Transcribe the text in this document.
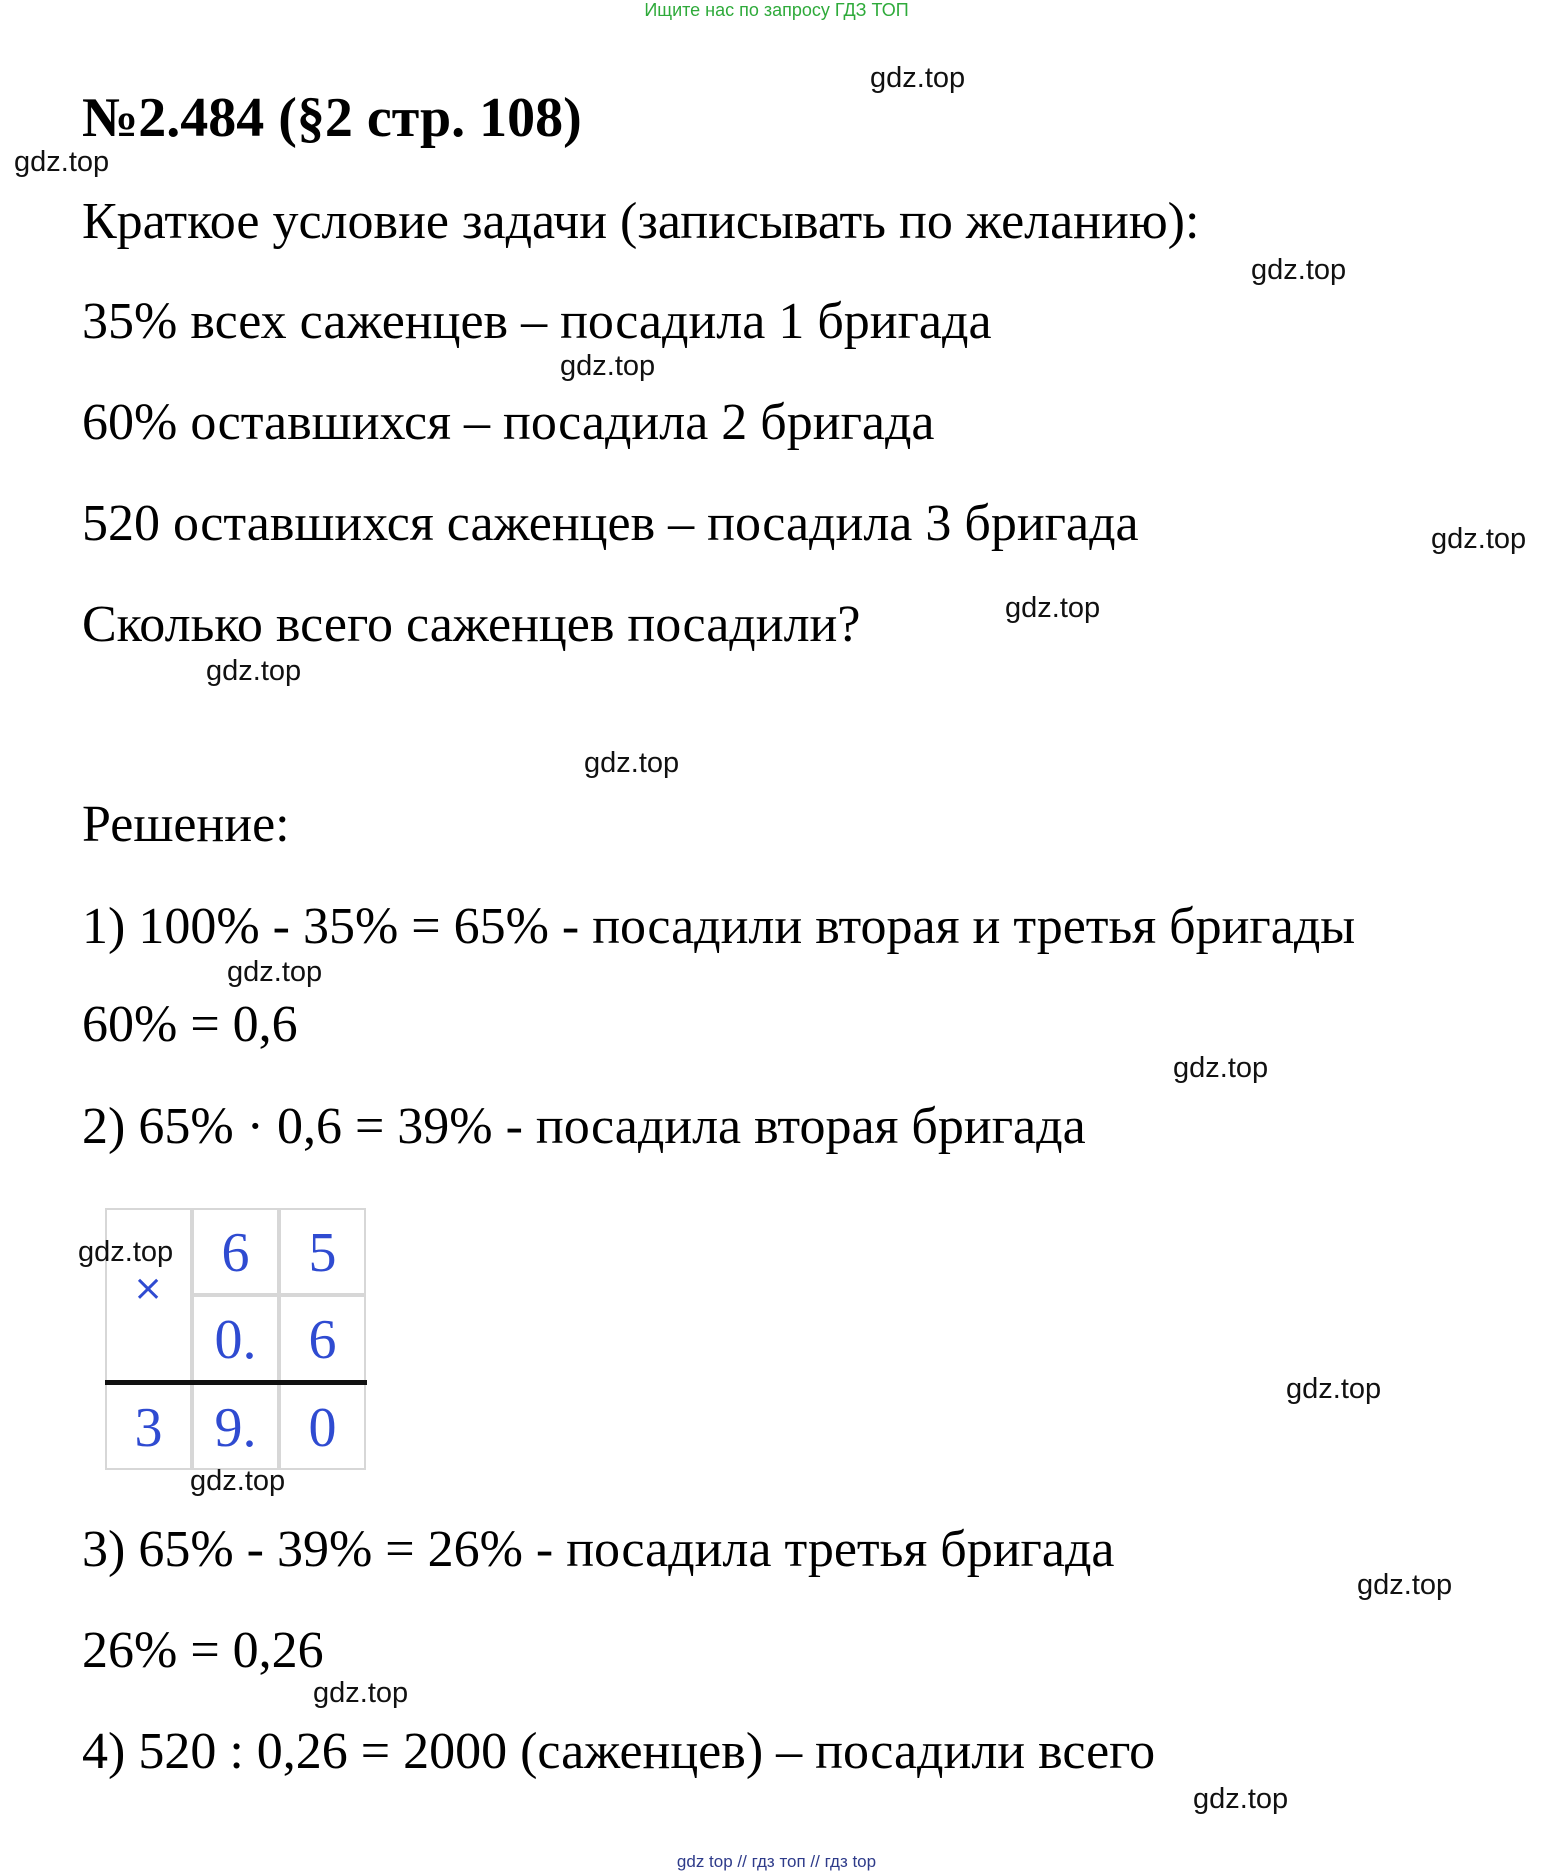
Ищите нас по запросу ГДЗ ТОП
№2.484 (§2 стр. 108)
Краткое условие задачи (записывать по желанию):
35% всех саженцев – посадила 1 бригада
60% оставшихся – посадила 2 бригада
520 оставшихся саженцев – посадила 3 бригада
Сколько всего саженцев посадили?
Решение:
1) 100% - 35% = 65% - посадили вторая и третья бригады
60% = 0,6
2) 65% · 0,6 = 39% - посадила вторая бригада
×
6	5
0. 6
3 9. 0
3) 65% - 39% = 26% - посадила третья бригада
26% = 0,26
4) 520 : 0,26 = 2000 (саженцев) – посадили всего
gdz.top
gdz.top
gdz.top
gdz.top
gdz.top
gdz.top
gdz.top
gdz.top
gdz.top
gdz.top
gdz.top
gdz.top
gdz.top
gdz.top
gdz.top
gdz.top
gdz top // гдз топ // гдз top
